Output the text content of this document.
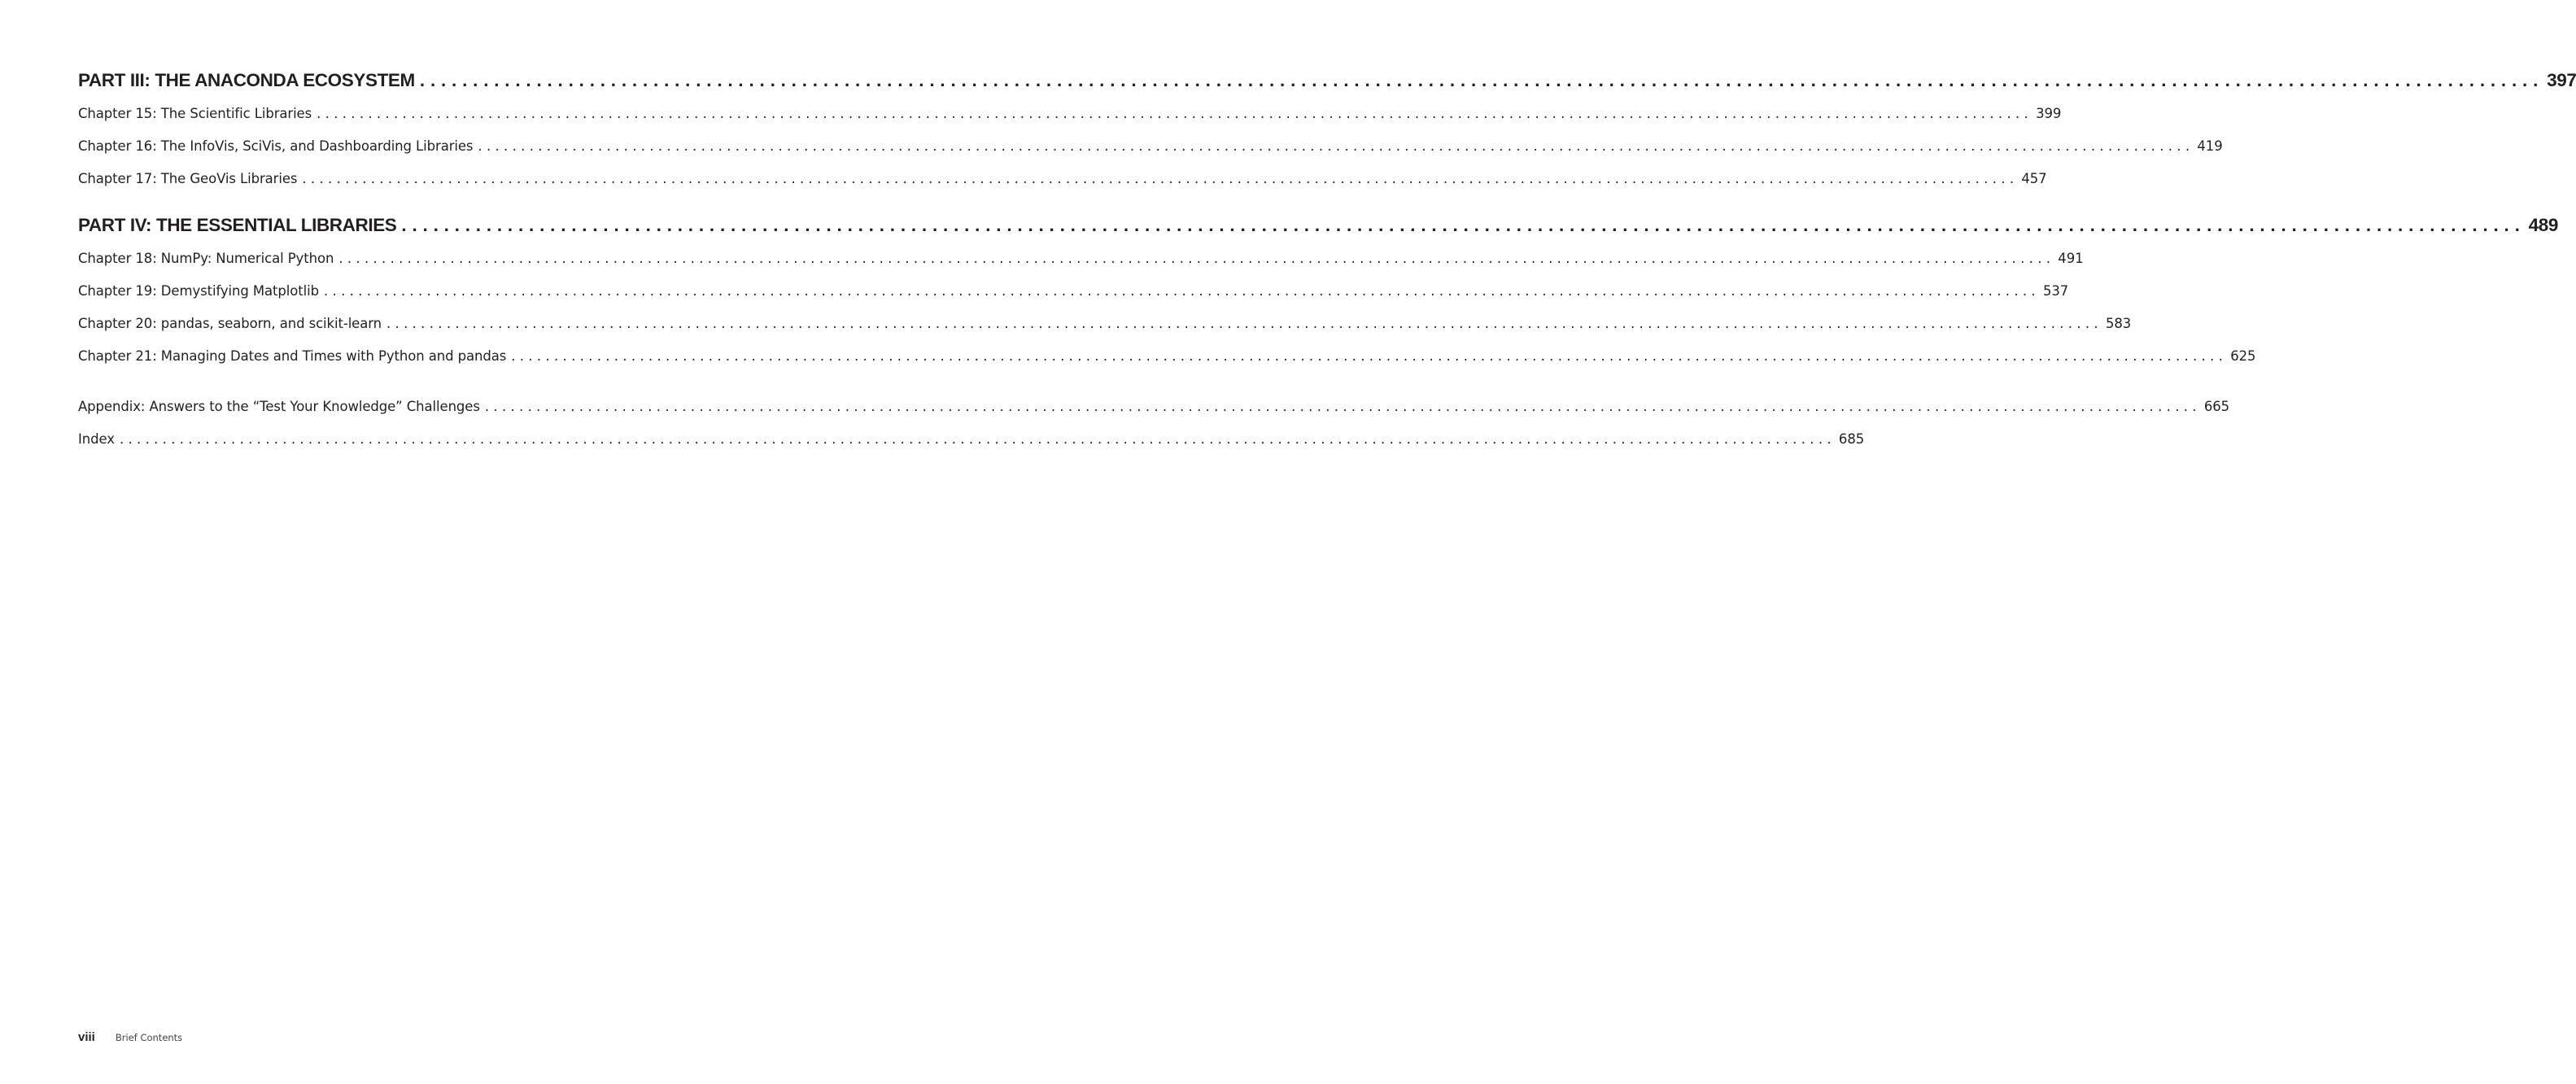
PART III: THE ANACONDA ECOSYSTEM ........................................................................................................................................................................................................ 397
Chapter 15: The Scientific Libraries ........................................................................................................................................................................................................ 399
Chapter 16: The InfoVis, SciVis, and Dashboarding Libraries ........................................................................................................................................................................................................ 419
Chapter 17: The GeoVis Libraries ........................................................................................................................................................................................................ 457
PART IV: THE ESSENTIAL LIBRARIES ........................................................................................................................................................................................................ 489
Chapter 18: NumPy: Numerical Python ........................................................................................................................................................................................................ 491
Chapter 19: Demystifying Matplotlib ........................................................................................................................................................................................................ 537
Chapter 20: pandas, seaborn, and scikit-learn ........................................................................................................................................................................................................ 583
Chapter 21: Managing Dates and Times with Python and pandas ........................................................................................................................................................................................................ 625
Appendix: Answers to the “Test Your Knowledge” Challenges ........................................................................................................................................................................................................ 665
Index ........................................................................................................................................................................................................ 685
viii Brief Contents
